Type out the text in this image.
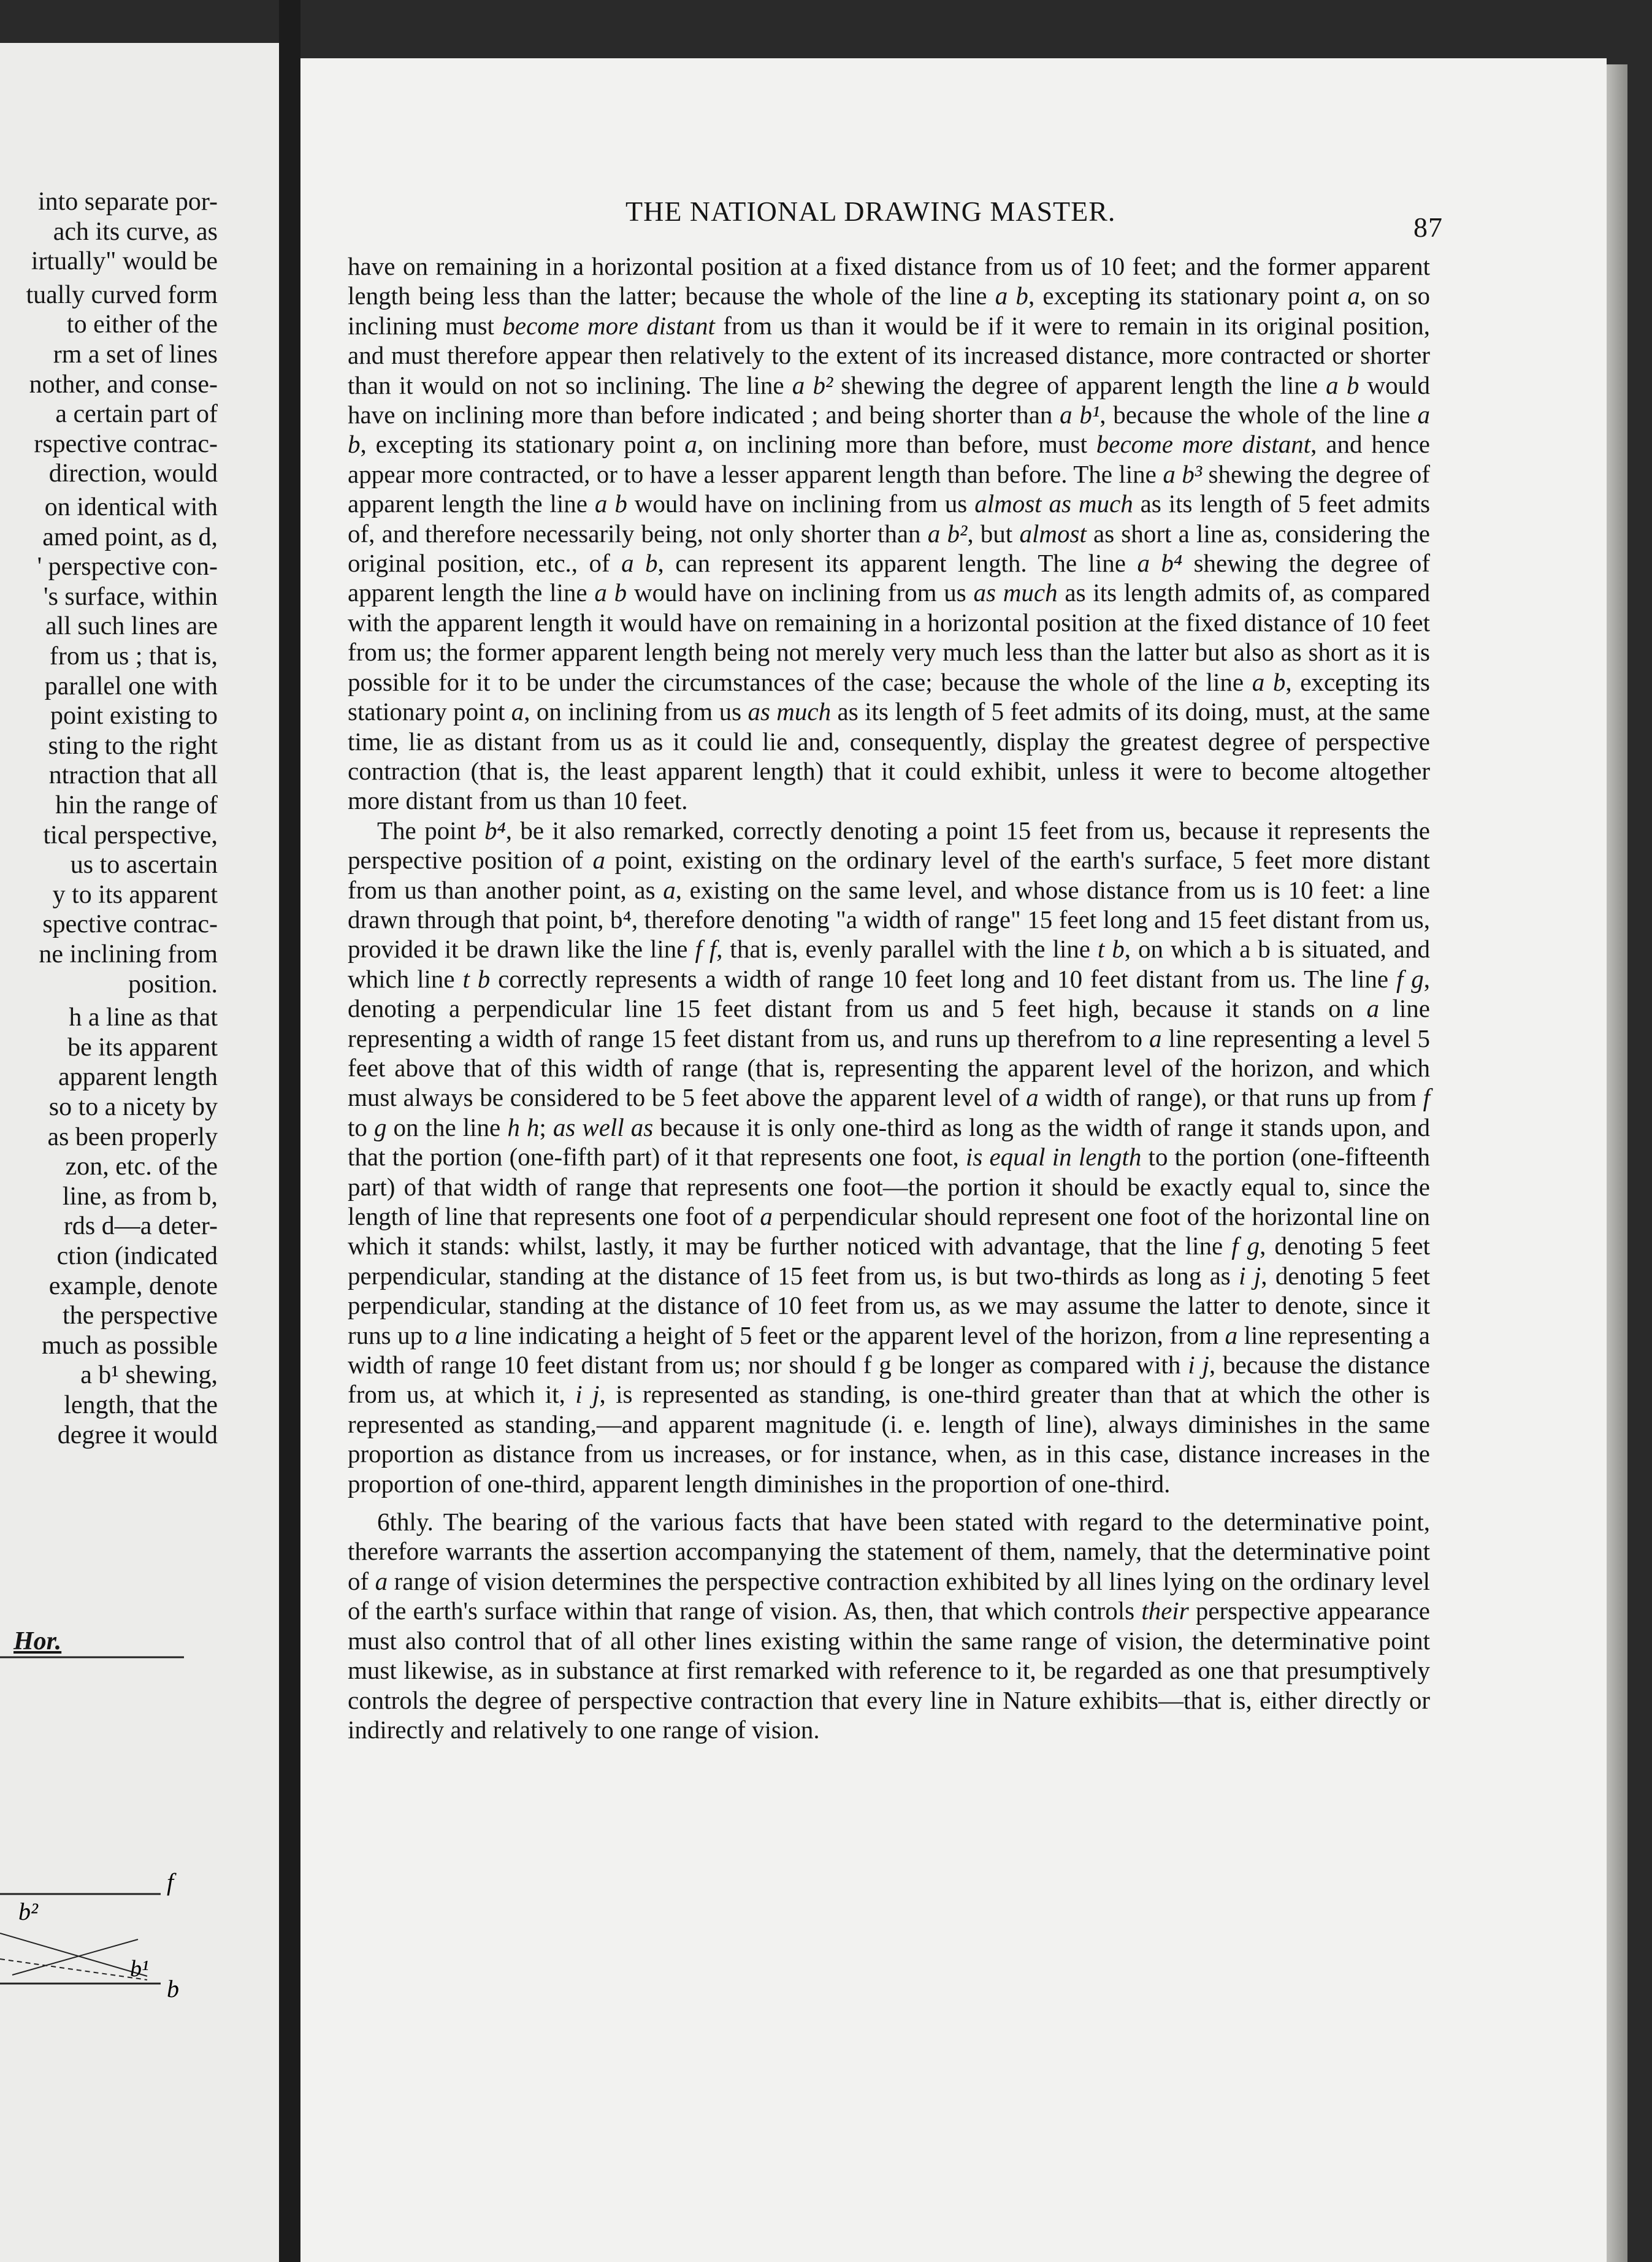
into separate por-
ach its curve, as
irtually" would be
tually curved form
to either of the
rm a set of lines
nother, and conse-
a certain part of
rspective contrac-
direction, would
on identical with
amed point, as d,
' perspective con-
's surface, within
all such lines are
from us ; that is,
parallel one with
point existing to
sting to the right
ntraction that all
hin the range of
tical perspective,
us to ascertain
y to its apparent
spective contrac-
ne inclining from
position.
h a line as that
be its apparent
apparent length
so to a nicety by
as been properly
zon, etc. of the
line, as from b,
rds d—a deter-
ction (indicated
example, denote
the perspective
much as possible
a b¹ shewing,
length, that the
degree it would
Hor.
f
b²
b¹
b
THE NATIONAL DRAWING MASTER.
87

have on remaining in a horizontal position at a fixed distance from us of 10 feet; and the former apparent length being less than the latter; because the whole of the line a b, excepting its stationary point a, on so inclining must become more distant from us than it would be if it were to remain in its original position, and must therefore appear then relatively to the extent of its increased distance, more contracted or shorter than it would on not so inclining. The line a b² shewing the degree of apparent length the line a b would have on inclining more than before indicated ; and being shorter than a b¹, because the whole of the line a b, excepting its stationary point a, on inclining more than before, must become more distant, and hence appear more contracted, or to have a lesser apparent length than before. The line a b³ shewing the degree of apparent length the line a b would have on inclining from us almost as much as its length of 5 feet admits of, and therefore necessarily being, not only shorter than a b², but almost as short a line as, considering the original position, etc., of a b, can represent its apparent length. The line a b⁴ shewing the degree of apparent length the line a b would have on inclining from us as much as its length admits of, as compared with the apparent length it would have on remaining in a horizontal position at the fixed distance of 10 feet from us; the former apparent length being not merely very much less than the latter but also as short as it is possible for it to be under the circumstances of the case; because the whole of the line a b, excepting its stationary point a, on inclining from us as much as its length of 5 feet admits of its doing, must, at the same time, lie as distant from us as it could lie and, consequently, display the greatest degree of perspective contraction (that is, the least apparent length) that it could exhibit, unless it were to become altogether more distant from us than 10 feet.

The point b⁴, be it also remarked, correctly denoting a point 15 feet from us, because it represents the perspective position of a point, existing on the ordinary level of the earth's surface, 5 feet more distant from us than another point, as a, existing on the same level, and whose distance from us is 10 feet: a line drawn through that point, b⁴, therefore denoting "a width of range" 15 feet long and 15 feet distant from us, provided it be drawn like the line f f, that is, evenly parallel with the line t b, on which a b is situated, and which line t b correctly represents a width of range 10 feet long and 10 feet distant from us. The line f g, denoting a perpendicular line 15 feet distant from us and 5 feet high, because it stands on a line representing a width of range 15 feet distant from us, and runs up therefrom to a line representing a level 5 feet above that of this width of range (that is, representing the apparent level of the horizon, and which must always be considered to be 5 feet above the apparent level of a width of range), or that runs up from f to g on the line h h; as well as because it is only one-third as long as the width of range it stands upon, and that the portion (one-fifth part) of it that represents one foot, is equal in length to the portion (one-fifteenth part) of that width of range that represents one foot—the portion it should be exactly equal to, since the length of line that represents one foot of a perpendicular should represent one foot of the horizontal line on which it stands: whilst, lastly, it may be further noticed with advantage, that the line f g, denoting 5 feet perpendicular, standing at the distance of 15 feet from us, is but two-thirds as long as i j, denoting 5 feet perpendicular, standing at the distance of 10 feet from us, as we may assume the latter to denote, since it runs up to a line indicating a height of 5 feet or the apparent level of the horizon, from a line representing a width of range 10 feet distant from us; nor should f g be longer as compared with i j, because the distance from us, at which it, i j, is represented as standing, is one-third greater than that at which the other is represented as standing,—and apparent magnitude (i. e. length of line), always diminishes in the same proportion as distance from us increases, or for instance, when, as in this case, distance increases in the proportion of one-third, apparent length diminishes in the proportion of one-third.

6thly. The bearing of the various facts that have been stated with regard to the determinative point, therefore warrants the assertion accompanying the statement of them, namely, that the determinative point of a range of vision determines the perspective contraction exhibited by all lines lying on the ordinary level of the earth's surface within that range of vision. As, then, that which controls their perspective appearance must also control that of all other lines existing within the same range of vision, the determinative point must likewise, as in substance at first remarked with reference to it, be regarded as one that presumptively controls the degree of perspective contraction that every line in Nature exhibits—that is, either directly or indirectly and relatively to one range of vision.
